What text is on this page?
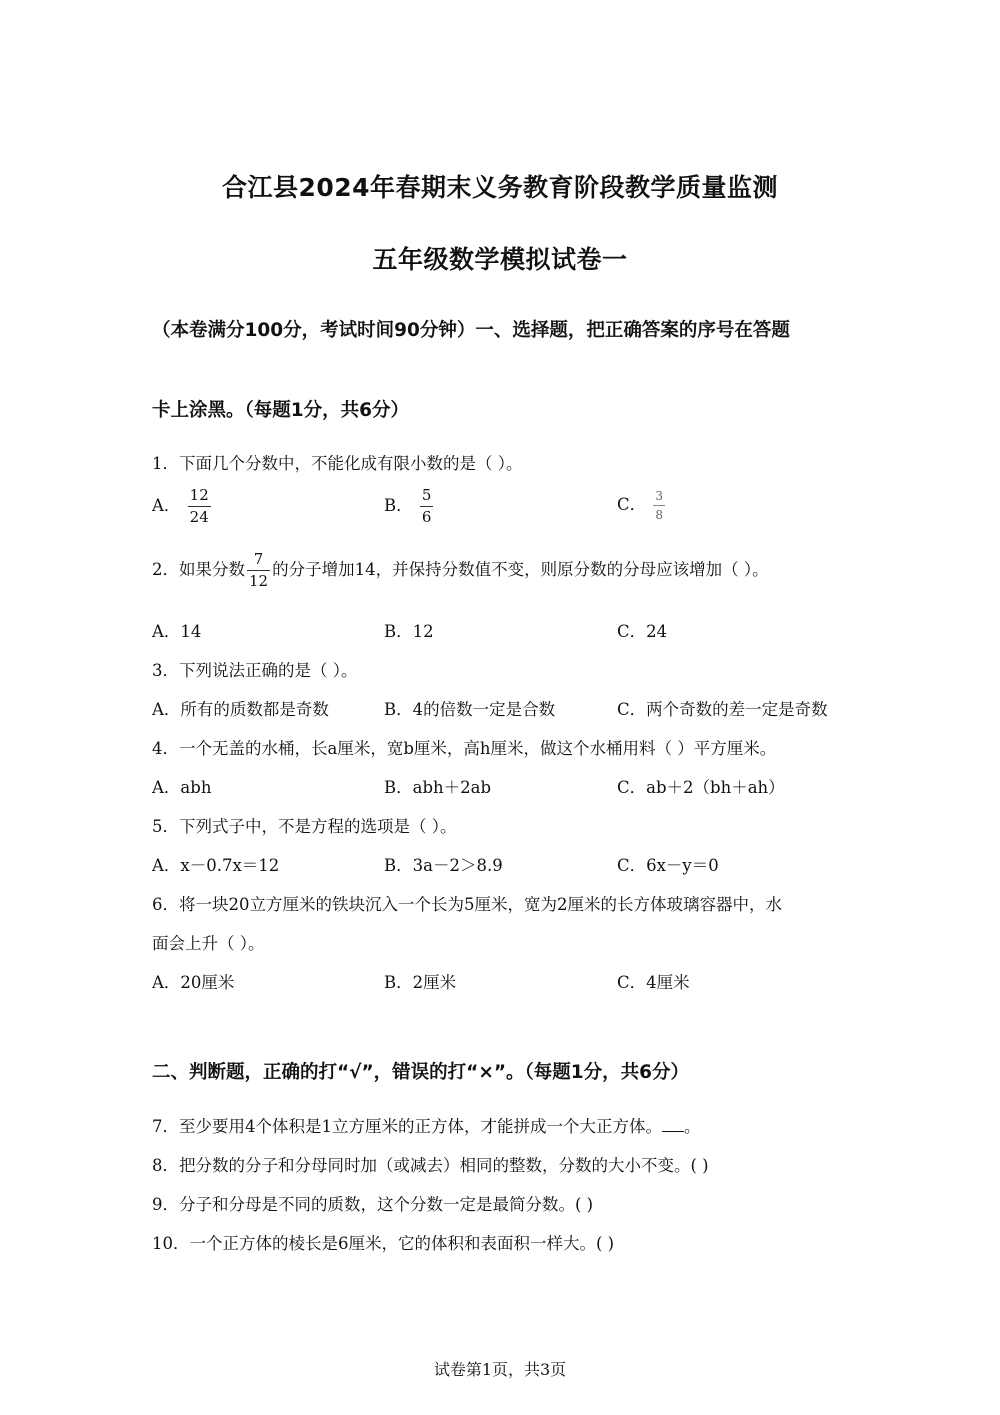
合江县2024年春期末义务教育阶段教学质量监测
五年级数学模拟试卷一
（本卷满分100分，考试时间90分钟）一、选择题，把正确答案的序号在答题
卡上涂黑。（每题1分，共6分）
1．下面几个分数中，不能化成有限小数的是（ ）。
A． $\frac{12}{24}$	B． $\frac{5}{6}$	C． $\frac{3}{8}$
2．如果分数 $\frac{7}{12}$ 的分子增加14，并保持分数值不变，则原分数的分母应该增加（ ）。
A．14	B．12	C．24
3．下列说法正确的是（ ）。
A．所有的质数都是奇数	B．4的倍数一定是合数	C．两个奇数的差一定是奇数
4．一个无盖的水桶，长a厘米，宽b厘米，高h厘米，做这个水桶用料（ ）平方厘米。
A．abh	B．abh＋2ab	C．ab＋2（bh＋ah）
5．下列式子中，不是方程的选项是（ ）。
A．x－0.7x＝12	B．3a－2＞8.9	C．6x－y＝0
6．将一块20立方厘米的铁块沉入一个长为5厘米，宽为2厘米的长方体玻璃容器中，水
面会上升（ ）。
A．20厘米	B．2厘米	C．4厘米
二、判断题，正确的打“√”，错误的打“×”。（每题1分，共6分）
7．至少要用4个体积是1立方厘米的正方体，才能拼成一个大正方体。 。
8．把分数的分子和分母同时加（或减去）相同的整数，分数的大小不变。( )
9．分子和分母是不同的质数，这个分数一定是最简分数。( )
10．一个正方体的棱长是6厘米，它的体积和表面积一样大。( )
试卷第1页，共3页
